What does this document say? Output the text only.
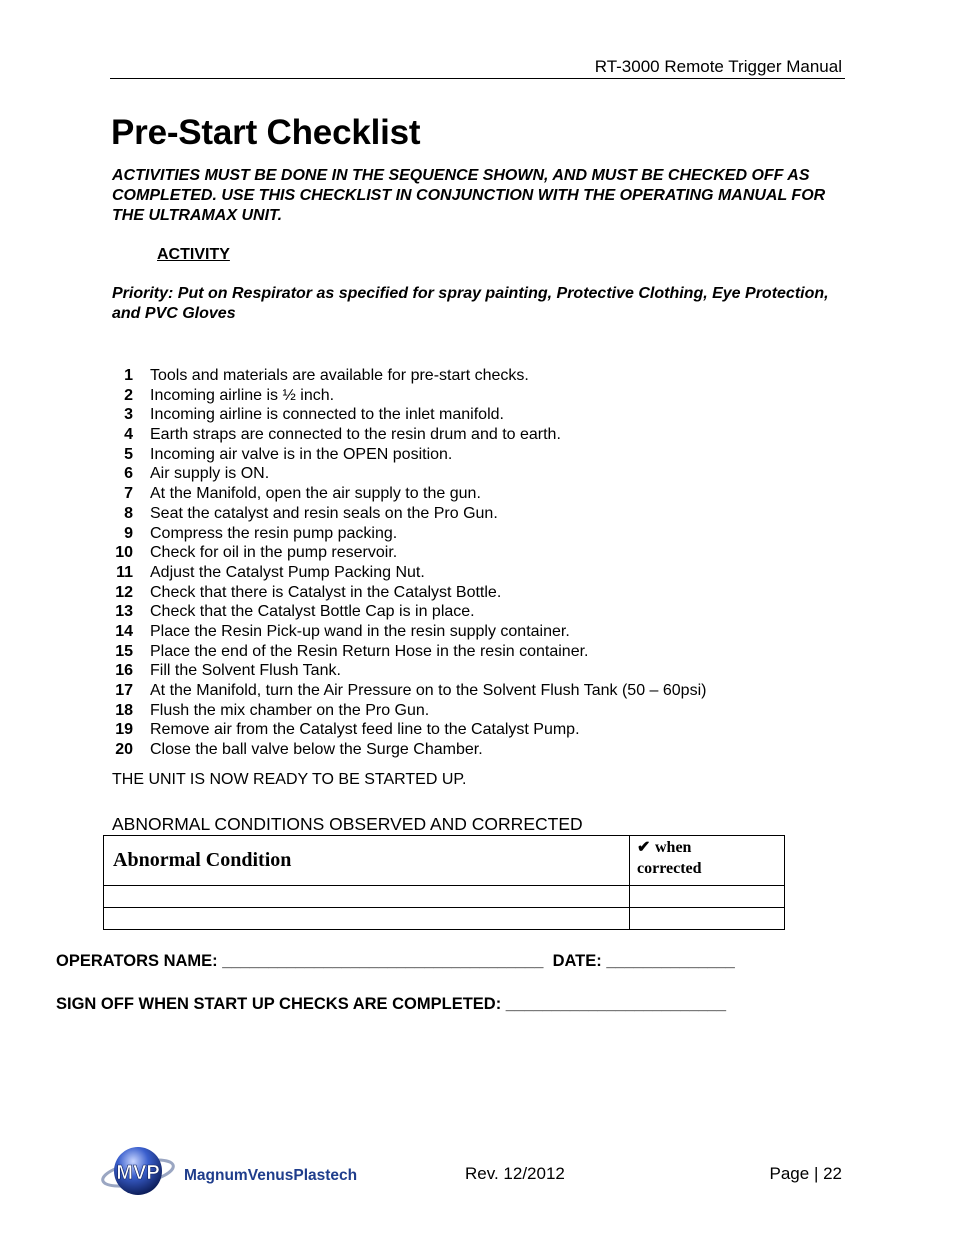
RT-3000 Remote Trigger Manual
Pre-Start Checklist
ACTIVITIES MUST BE DONE IN THE SEQUENCE SHOWN, AND MUST BE CHECKED OFF AS COMPLETED. USE THIS CHECKLIST IN CONJUNCTION WITH THE OPERATING MANUAL FOR THE ULTRAMAX UNIT.
ACTIVITY
Priority: Put on Respirator as specified for spray painting, Protective Clothing, Eye Protection, and PVC Gloves
1 Tools and materials are available for pre-start checks.
2 Incoming airline is ½ inch.
3 Incoming airline is connected to the inlet manifold.
4 Earth straps are connected to the resin drum and to earth.
5 Incoming air valve is in the OPEN position.
6 Air supply is ON.
7 At the Manifold, open the air supply to the gun.
8 Seat the catalyst and resin seals on the Pro Gun.
9 Compress the resin pump packing.
10 Check for oil in the pump reservoir.
11 Adjust the Catalyst Pump Packing Nut.
12 Check that there is Catalyst in the Catalyst Bottle.
13 Check that the Catalyst Bottle Cap is in place.
14 Place the Resin Pick-up wand in the resin supply container.
15 Place the end of the Resin Return Hose in the resin container.
16 Fill the Solvent Flush Tank.
17 At the Manifold, turn the Air Pressure on to the Solvent Flush Tank (50 – 60psi)
18 Flush the mix chamber on the Pro Gun.
19 Remove air from the Catalyst feed line to the Catalyst Pump.
20 Close the ball valve below the Surge Chamber.
THE UNIT IS NOW READY TO BE STARTED UP.
ABNORMAL CONDITIONS OBSERVED AND CORRECTED
Abnormal Condition	✔ when
corrected

OPERATORS NAME: ___________________________________  DATE: ______________
SIGN OFF WHEN START UP CHECKS ARE COMPLETED: ________________________
MVP MagnumVenusPlastech	Rev. 12/2012	Page | 22
